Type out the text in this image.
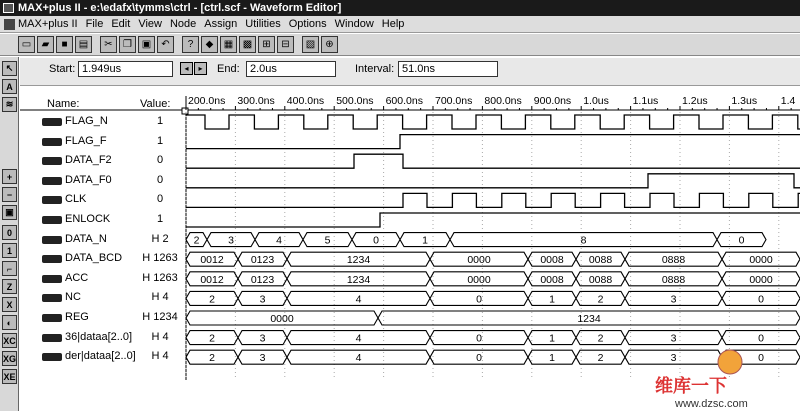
MAX+plus II - e:\edafx\tymms\ctrl - [ctrl.scf - Waveform Editor]
MAX+plus II File Edit View Node Assign Utilities Options Window Help
▭	▰	■	▤	✂	❐ ▣	↶	?	◆	▦ ▩	⊞	⊟	▧	⊕
↖
A
≋
+
−
▣
0
1
⌐
Z
X
◐
XC
XG
XE
Start: 1.949us	◂	▸	End: 2.0us	Interval: 51.0ns
Name:	Value: 200.0ns 300.0ns 400.0ns 500.0ns 600.0ns 700.0ns 800.0ns 900.0ns 1.0us 1.1us 1.2us 1.3us 1.4
2	3	4	5	0	1	8	0
0012	0123	1234	0000	0008 0088	0888	0000
0012	0123	1234	0000	0008 0088	0888	0000
2	3	4	0	1	2	3	0
0000	1234
2	3	4	0	1	2	3	0
2	3	4	0	1	2	3	0
维库一下
www.dzsc.com
FLAG_N	1
FLAG_F	1
DATA_F2	0
DATA_F0	0
CLK	0
ENLOCK	1
DATA_N	H 2
DATA_BCD H 1263
ACC	H 1263
NC	H 4
REG	H 1234
36|dataa[2..0]	H 4
der|dataa[2..0]	H 4
